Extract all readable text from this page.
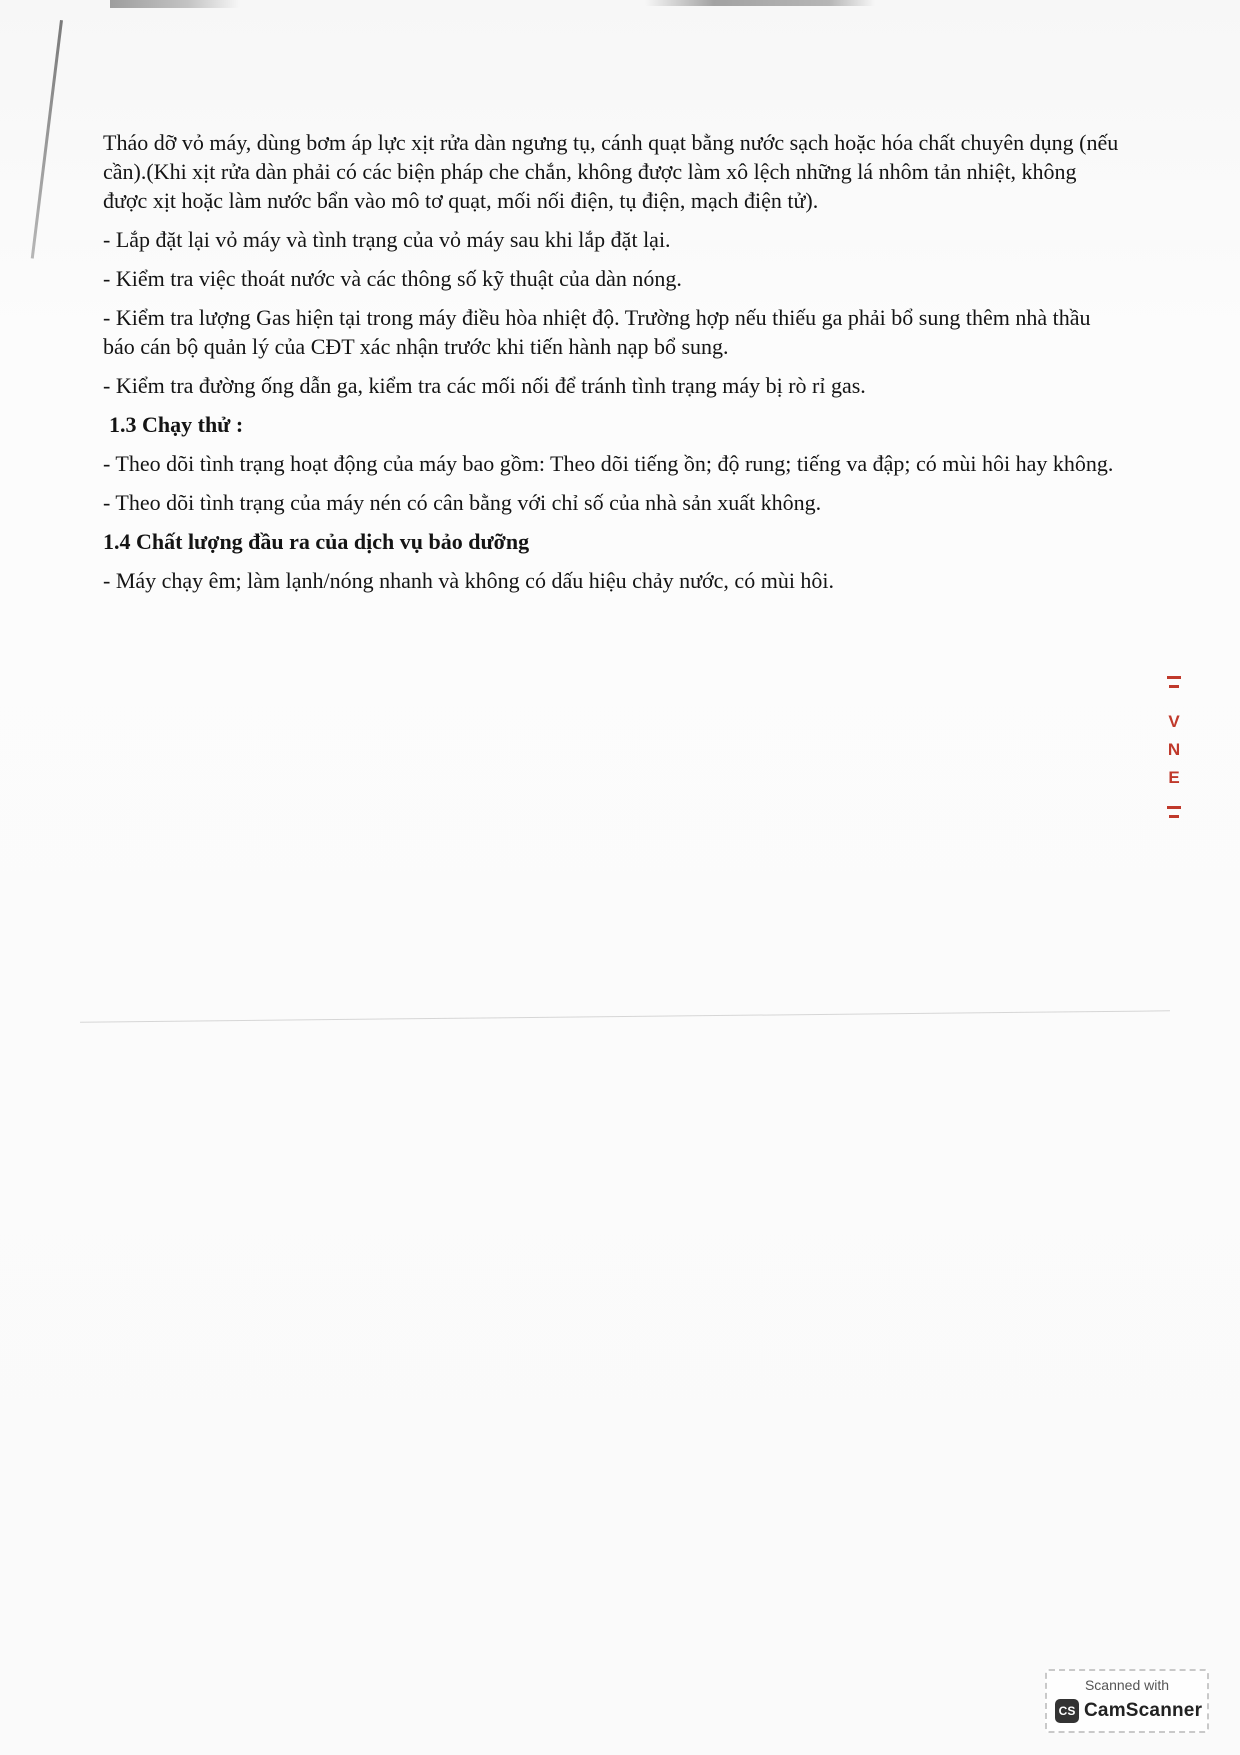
Tháo dỡ vỏ máy, dùng bơm áp lực xịt rửa dàn ngưng tụ, cánh quạt bằng nước sạch hoặc hóa chất chuyên dụng (nếu cần).(Khi xịt rửa dàn phải có các biện pháp che chắn, không được làm xô lệch những lá nhôm tản nhiệt, không được xịt hoặc làm nước bẩn vào mô tơ quạt, mối nối điện, tụ điện, mạch điện tử).

- Lắp đặt lại vỏ máy và tình trạng của vỏ máy sau khi lắp đặt lại.

- Kiểm tra việc thoát nước và các thông số kỹ thuật của dàn nóng.

- Kiểm tra lượng Gas hiện tại trong máy điều hòa nhiệt độ. Trường hợp nếu thiếu ga phải bổ sung thêm nhà thầu báo cán bộ quản lý của CĐT xác nhận trước khi tiến hành nạp bổ sung.

- Kiểm tra đường ống dẫn ga, kiểm tra các mối nối để tránh tình trạng máy bị rò rỉ gas.

1.3 Chạy thử :

- Theo dõi tình trạng hoạt động của máy bao gồm: Theo dõi tiếng ồn; độ rung; tiếng va đập; có mùi hôi hay không.

- Theo dõi tình trạng của máy nén có cân bằng với chỉ số của nhà sản xuất không.

1.4 Chất lượng đầu ra của dịch vụ bảo dưỡng

- Máy chạy êm; làm lạnh/nóng nhanh và không có dấu hiệu chảy nước, có mùi hôi.

V
N
E
Scanned with
CS CamScanner
